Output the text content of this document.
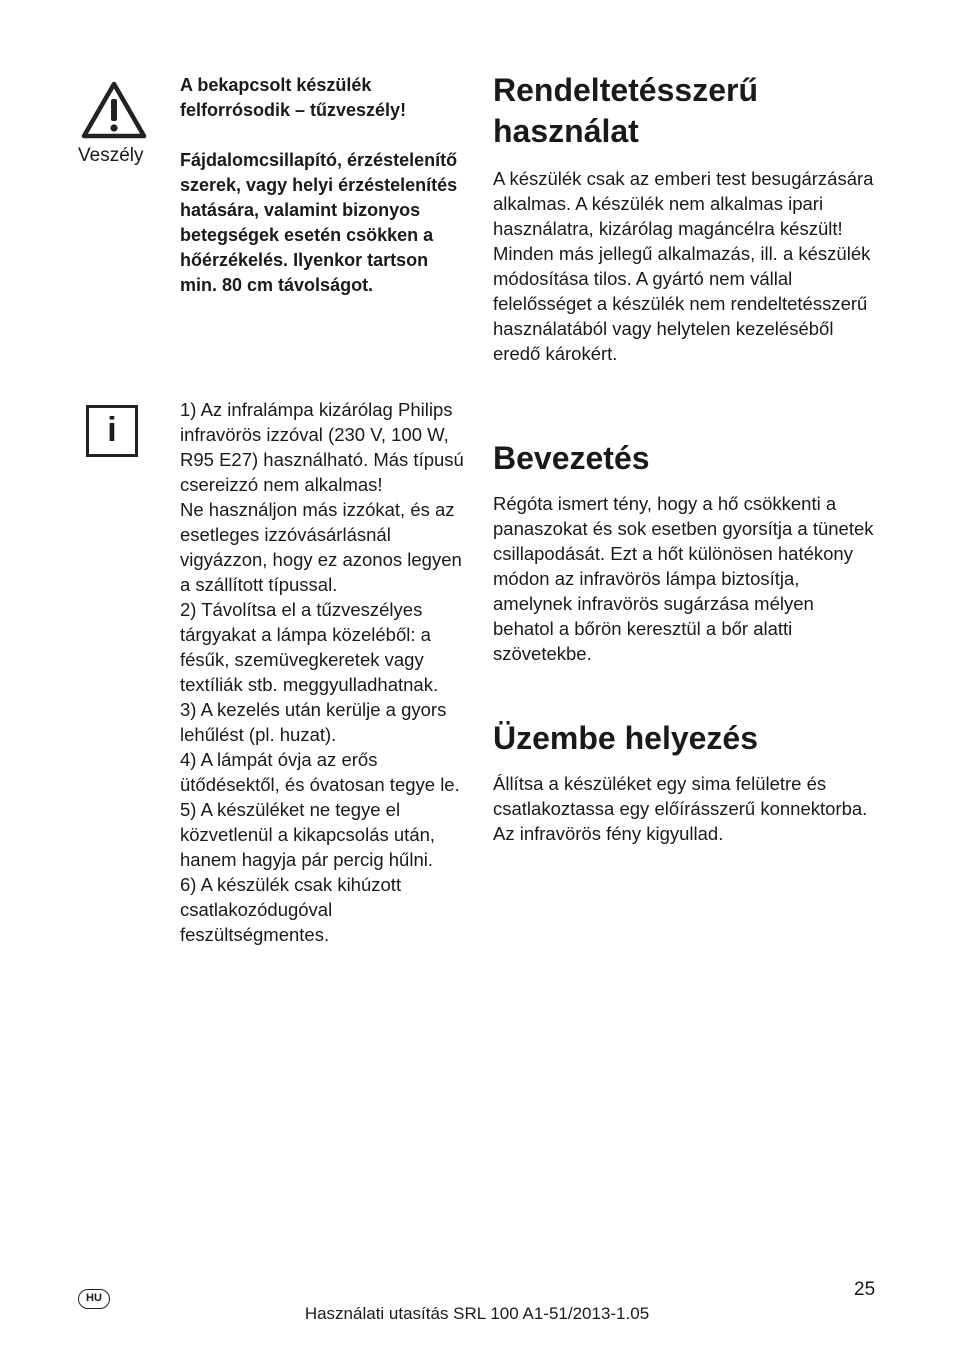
Veszély

A bekapcsolt készülék felforrósodik – tűzveszély!

Fájdalomcsillapító, érzéstelenítő szerek, vagy helyi érzéstelenítés hatására, valamint bizonyos betegségek esetén csökken a hőérzékelés. Ilyenkor tartson min. 80 cm távolságot.

i
1) Az infralámpa kizárólag Philips infravörös izzóval (230 V, 100 W, R95 E27) használható. Más típusú csereizzó nem alkalmas!
Ne használjon más izzókat, és az esetleges izzóvásárlásnál vigyázzon, hogy ez azonos legyen a szállított típussal.
2) Távolítsa el a tűzveszélyes tárgyakat a lámpa közeléből: a fésűk, szemüvegkeretek vagy textíliák stb. meggyulladhatnak.
3) A kezelés után kerülje a gyors lehűlést (pl. huzat).
4) A lámpát óvja az erős ütődésektől, és óvatosan tegye le.
5) A készüléket ne tegye el közvetlenül a kikapcsolás után, hanem hagyja pár percig hűlni.
6) A készülék csak kihúzott csatlakozódugóval feszültségmentes.
Rendeltetésszerű használat

A készülék csak az emberi test besugárzására alkalmas. A készülék nem alkalmas ipari használatra, kizárólag magáncélra készült! Minden más jellegű alkalmazás, ill. a készülék módosítása tilos. A gyártó nem vállal felelősséget a készülék nem rendeltetésszerű használatából vagy helytelen kezeléséből eredő károkért.

Bevezetés

Régóta ismert tény, hogy a hő csökkenti a panaszokat és sok esetben gyorsítja a tünetek csillapodását. Ezt a hőt különösen hatékony módon az infravörös lámpa biztosítja, amelynek infravörös sugárzása mélyen behatol a bőrön keresztül a bőr alatti szövetekbe.

Üzembe helyezés

Állítsa a készüléket egy sima felületre és csatlakoztassa egy előírásszerű konnektorba. Az infravörös fény kigyullad.

HU	25
Használati utasítás SRL 100 A1-51/2013-1.05
